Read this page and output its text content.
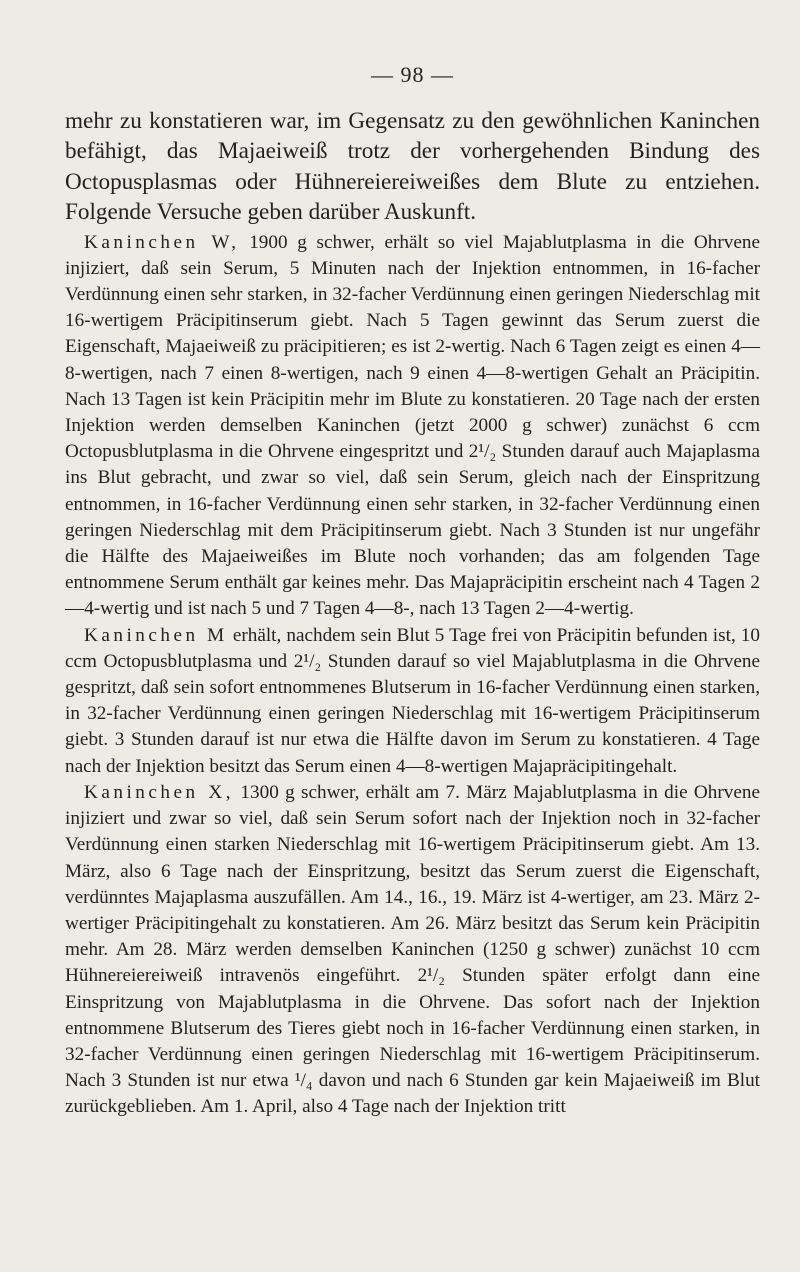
— 98 —

mehr zu konstatieren war, im Gegensatz zu den gewöhnlichen Kaninchen befähigt, das Majaeiweiß trotz der vorhergehenden Bindung des Octopusplasmas oder Hühnereiereiweißes dem Blute zu entziehen. Folgende Versuche geben darüber Auskunft.

Kaninchen W, 1900 g schwer, erhält so viel Majablutplasma in die Ohrvene injiziert, daß sein Serum, 5 Minuten nach der Injektion entnommen, in 16-facher Verdünnung einen sehr starken, in 32-facher Verdünnung einen geringen Niederschlag mit 16-wertigem Präcipitinserum giebt. Nach 5 Tagen gewinnt das Serum zuerst die Eigenschaft, Majaeiweiß zu präcipitieren; es ist 2-wertig. Nach 6 Tagen zeigt es einen 4—8-wertigen, nach 7 einen 8-wertigen, nach 9 einen 4—8-wertigen Gehalt an Präcipitin. Nach 13 Tagen ist kein Präcipitin mehr im Blute zu konstatieren. 20 Tage nach der ersten Injektion werden demselben Kaninchen (jetzt 2000 g schwer) zunächst 6 ccm Octopusblutplasma in die Ohrvene eingespritzt und 2¹/₂ Stunden darauf auch Majaplasma ins Blut gebracht, und zwar so viel, daß sein Serum, gleich nach der Einspritzung entnommen, in 16-facher Verdünnung einen sehr starken, in 32-facher Verdünnung einen geringen Niederschlag mit dem Präcipitinserum giebt. Nach 3 Stunden ist nur ungefähr die Hälfte des Majaeiweißes im Blute noch vorhanden; das am folgenden Tage entnommene Serum enthält gar keines mehr. Das Majapräcipitin erscheint nach 4 Tagen 2—4-wertig und ist nach 5 und 7 Tagen 4—8-, nach 13 Tagen 2—4-wertig.

Kaninchen M erhält, nachdem sein Blut 5 Tage frei von Präcipitin befunden ist, 10 ccm Octopusblutplasma und 2¹/₂ Stunden darauf so viel Majablutplasma in die Ohrvene gespritzt, daß sein sofort entnommenes Blutserum in 16-facher Verdünnung einen starken, in 32-facher Verdünnung einen geringen Niederschlag mit 16-wertigem Präcipitinserum giebt. 3 Stunden darauf ist nur etwa die Hälfte davon im Serum zu konstatieren. 4 Tage nach der Injektion besitzt das Serum einen 4—8-wertigen Majapräcipitingehalt.

Kaninchen X, 1300 g schwer, erhält am 7. März Majablutplasma in die Ohrvene injiziert und zwar so viel, daß sein Serum sofort nach der Injektion noch in 32-facher Verdünnung einen starken Niederschlag mit 16-wertigem Präcipitinserum giebt. Am 13. März, also 6 Tage nach der Einspritzung, besitzt das Serum zuerst die Eigenschaft, verdünntes Majaplasma auszufällen. Am 14., 16., 19. März ist 4-wertiger, am 23. März 2-wertiger Präcipitingehalt zu konstatieren. Am 26. März besitzt das Serum kein Präcipitin mehr. Am 28. März werden demselben Kaninchen (1250 g schwer) zunächst 10 ccm Hühnereiereiweiß intravenös eingeführt. 2¹/₂ Stunden später erfolgt dann eine Einspritzung von Majablutplasma in die Ohrvene. Das sofort nach der Injektion entnommene Blutserum des Tieres giebt noch in 16-facher Verdünnung einen starken, in 32-facher Verdünnung einen geringen Niederschlag mit 16-wertigem Präcipitinserum. Nach 3 Stunden ist nur etwa ¹/₄ davon und nach 6 Stunden gar kein Majaeiweiß im Blut zurückgeblieben. Am 1. April, also 4 Tage nach der Injektion tritt
